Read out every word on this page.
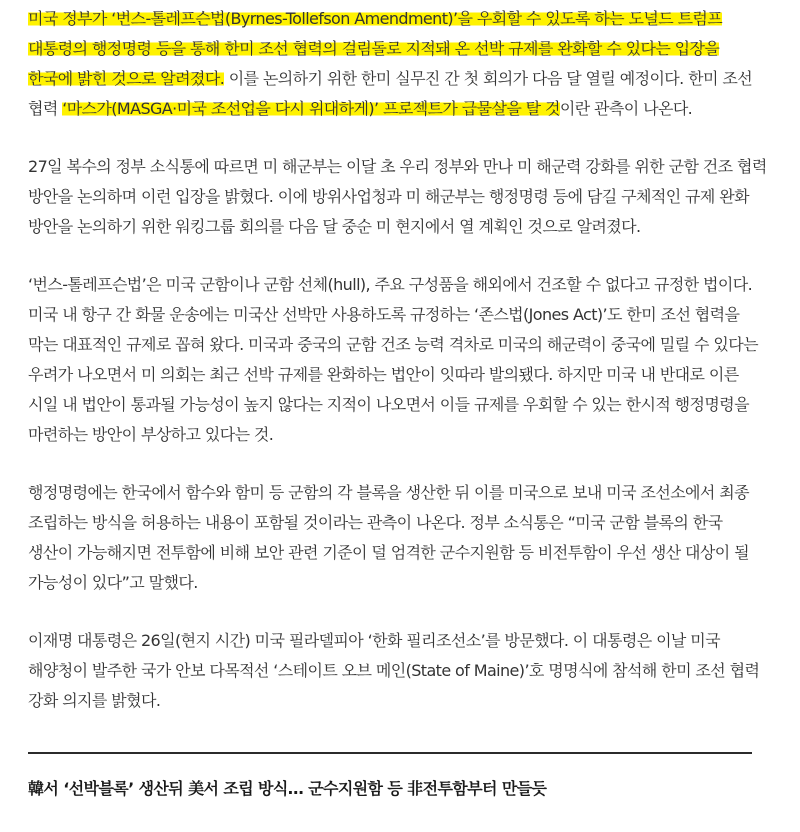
미국 정부가 ‘번스-톨레프슨법(Byrnes-Tollefson Amendment)’을 우회할 수 있도록 하는 도널드 트럼프 대통령의 행정명령 등을 통해 한미 조선 협력의 걸림돌로 지적돼 온 선박 규제를 완화할 수 있다는 입장을 한국에 밝힌 것으로 알려졌다. 이를 논의하기 위한 한미 실무진 간 첫 회의가 다음 달 열릴 예정이다. 한미 조선 협력 ‘마스가(MASGA·미국 조선업을 다시 위대하게)’ 프로젝트가 급물살을 탈 것이란 관측이 나온다.

27일 복수의 정부 소식통에 따르면 미 해군부는 이달 초 우리 정부와 만나 미 해군력 강화를 위한 군함 건조 협력 방안을 논의하며 이런 입장을 밝혔다. 이에 방위사업청과 미 해군부는 행정명령 등에 담길 구체적인 규제 완화 방안을 논의하기 위한 워킹그룹 회의를 다음 달 중순 미 현지에서 열 계획인 것으로 알려졌다.

‘번스-톨레프슨법’은 미국 군함이나 군함 선체(hull), 주요 구성품을 해외에서 건조할 수 없다고 규정한 법이다. 미국 내 항구 간 화물 운송에는 미국산 선박만 사용하도록 규정하는 ‘존스법(Jones Act)’도 한미 조선 협력을 막는 대표적인 규제로 꼽혀 왔다. 미국과 중국의 군함 건조 능력 격차로 미국의 해군력이 중국에 밀릴 수 있다는 우려가 나오면서 미 의회는 최근 선박 규제를 완화하는 법안이 잇따라 발의됐다. 하지만 미국 내 반대로 이른 시일 내 법안이 통과될 가능성이 높지 않다는 지적이 나오면서 이들 규제를 우회할 수 있는 한시적 행정명령을 마련하는 방안이 부상하고 있다는 것.

행정명령에는 한국에서 함수와 함미 등 군함의 각 블록을 생산한 뒤 이를 미국으로 보내 미국 조선소에서 최종 조립하는 방식을 허용하는 내용이 포함될 것이라는 관측이 나온다. 정부 소식통은 “미국 군함 블록의 한국 생산이 가능해지면 전투함에 비해 보안 관련 기준이 덜 엄격한 군수지원함 등 비전투함이 우선 생산 대상이 될 가능성이 있다”고 말했다.

이재명 대통령은 26일(현지 시간) 미국 필라델피아 ‘한화 필리조선소’를 방문했다. 이 대통령은 이날 미국 해양청이 발주한 국가 안보 다목적선 ‘스테이트 오브 메인(State of Maine)’호 명명식에 참석해 한미 조선 협력 강화 의지를 밝혔다.

韓서 ‘선박블록’ 생산뒤 美서 조립 방식… 군수지원함 등 非전투함부터 만들듯
